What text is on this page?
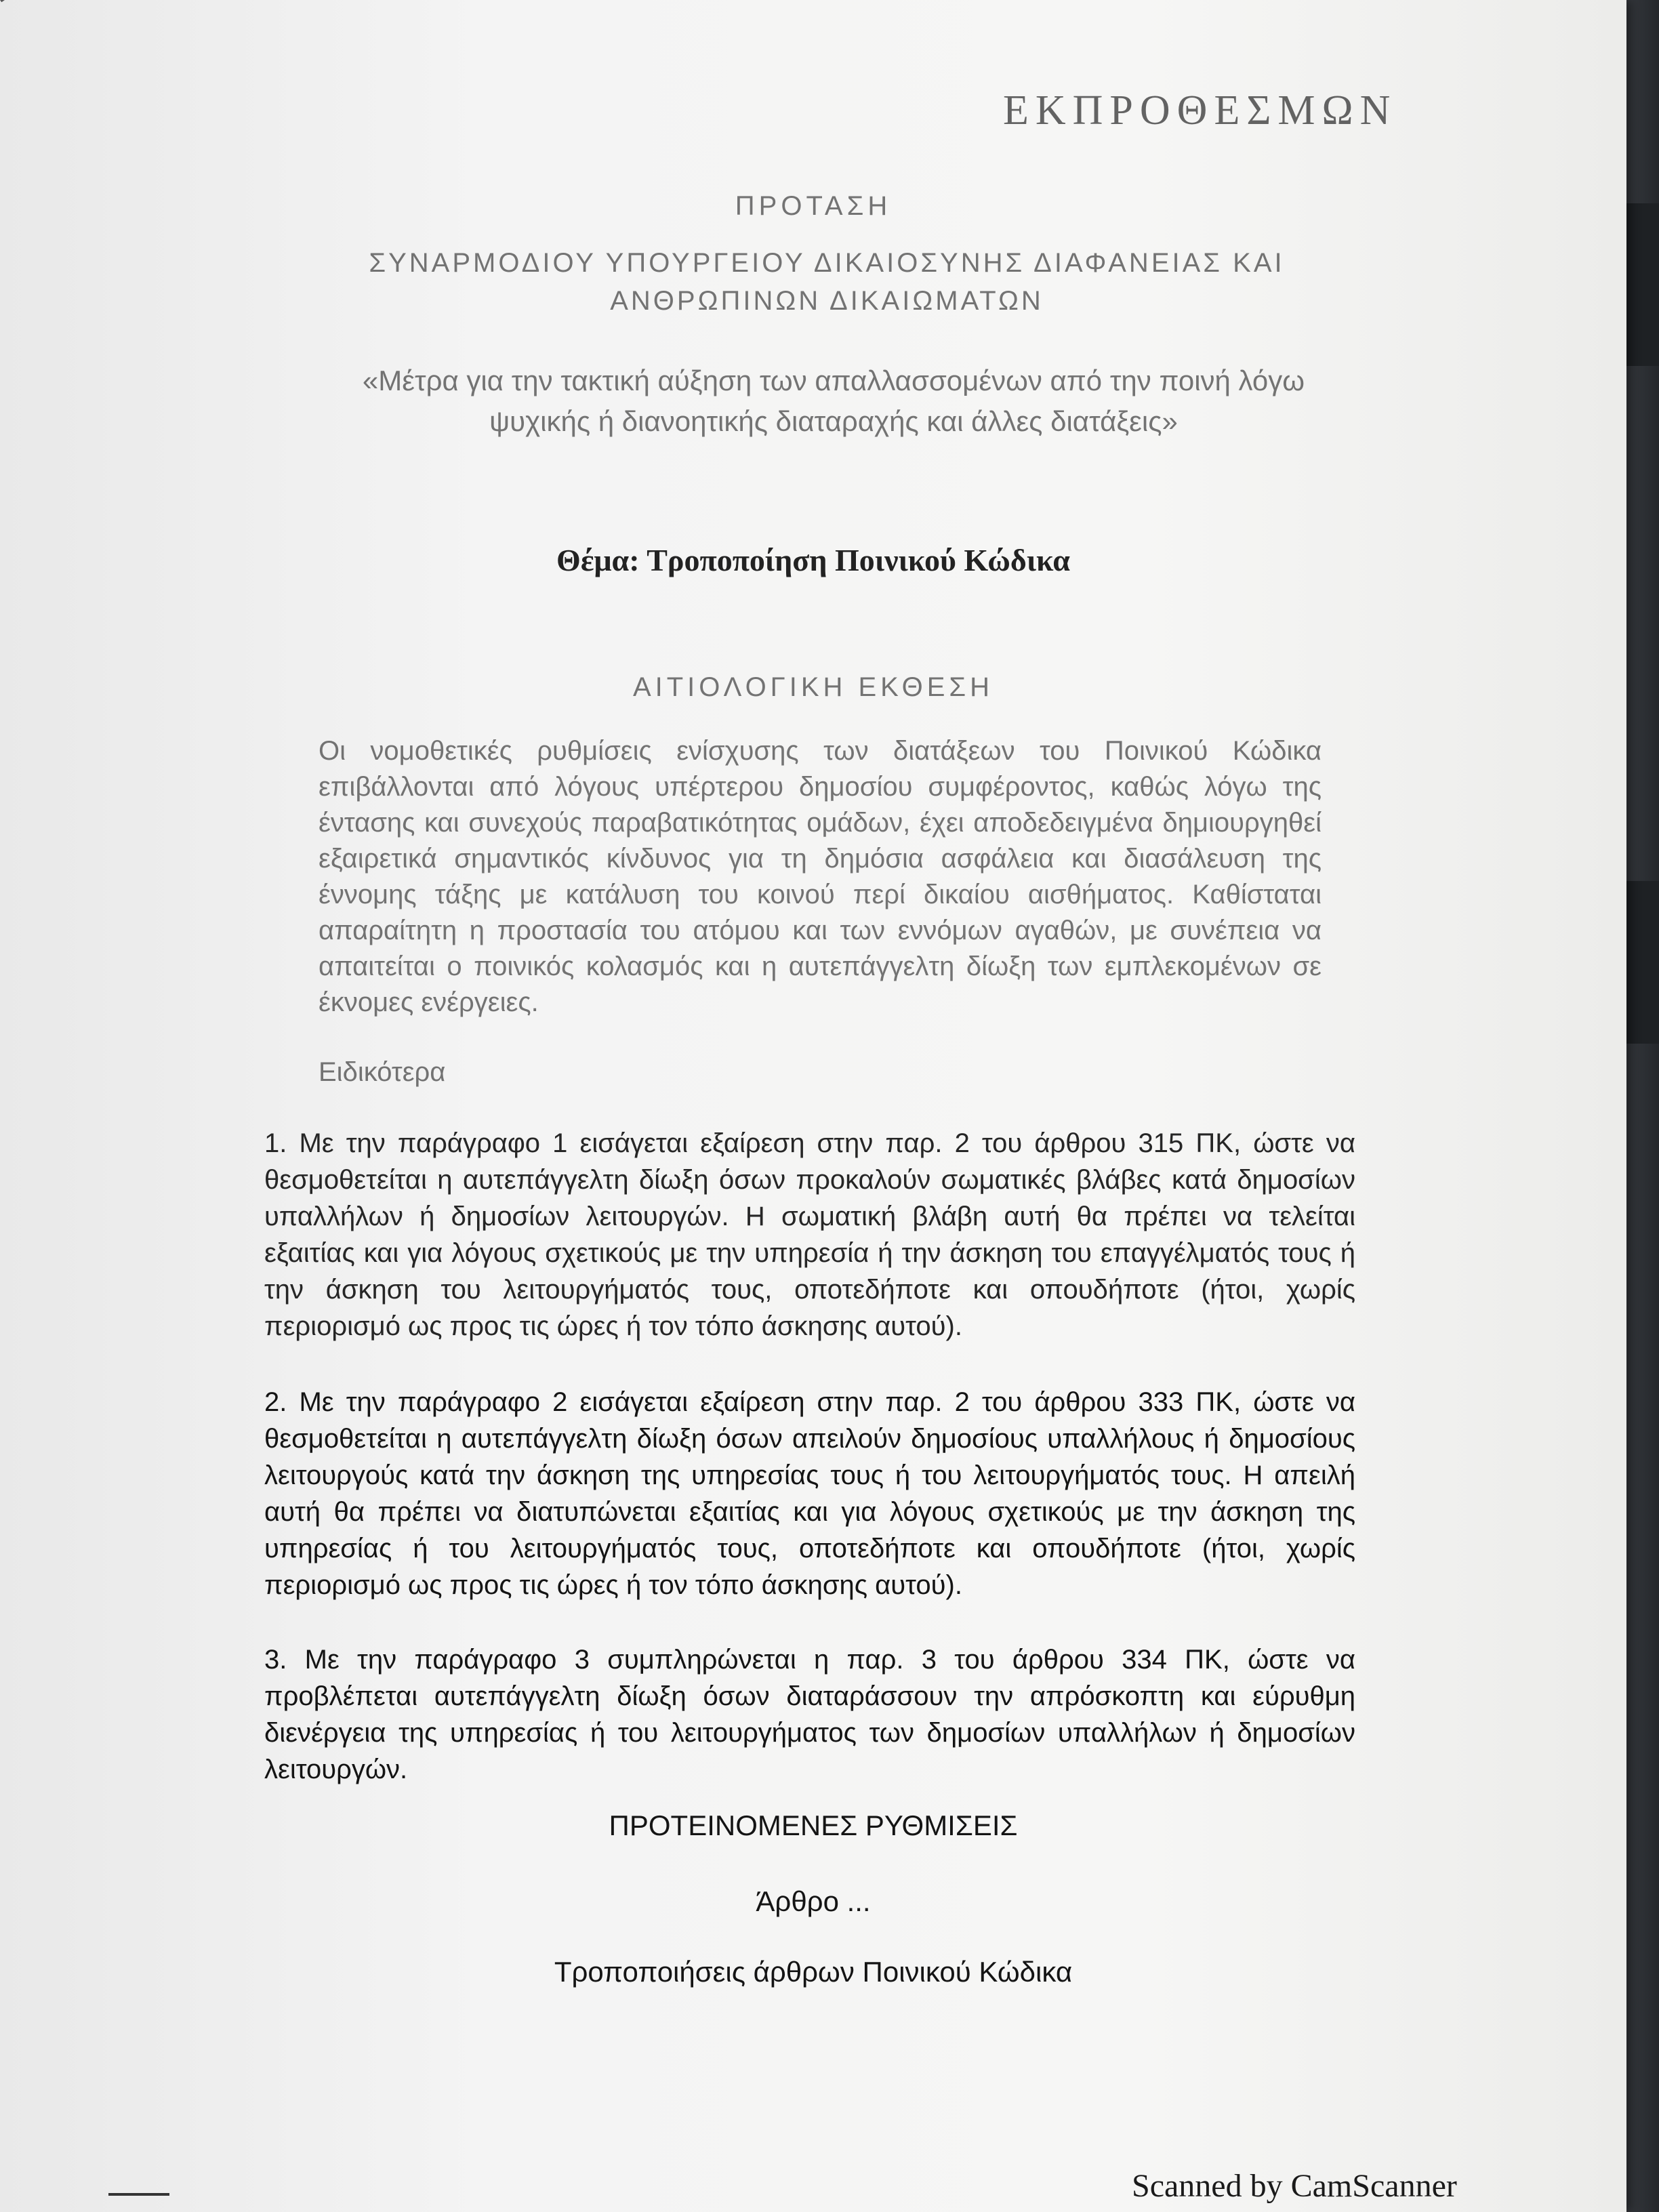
ΕΚΠΡΟΘΕΣΜΩΝ
ΠΡΟΤΑΣΗ
ΣΥΝΑΡΜΟΔΙΟΥ ΥΠΟΥΡΓΕΙΟΥ ΔΙΚΑΙΟΣΥΝΗΣ ΔΙΑΦΑΝΕΙΑΣ ΚΑΙ
ΑΝΘΡΩΠΙΝΩΝ ΔΙΚΑΙΩΜΑΤΩΝ
«Μέτρα για την τακτική αύξηση των απαλλασσομένων από την ποινή λόγω
ψυχικής ή διανοητικής διαταραχής και άλλες διατάξεις»
Θέμα: Τροποποίηση Ποινικού Κώδικα
ΑΙΤΙΟΛΟΓΙΚΗ ΕΚΘΕΣΗ
Οι νομοθετικές ρυθμίσεις ενίσχυσης των διατάξεων του Ποινικού Κώδικα επιβάλλονται από λόγους υπέρτερου δημοσίου συμφέροντος, καθώς λόγω της έντασης και συνεχούς παραβατικότητας ομάδων, έχει αποδεδειγμένα δημιουργηθεί εξαιρετικά σημαντικός κίνδυνος για τη δημόσια ασφάλεια και διασάλευση της έννομης τάξης με κατάλυση του κοινού περί δικαίου αισθήματος. Καθίσταται απαραίτητη η προστασία του ατόμου και των εννόμων αγαθών, με συνέπεια να απαιτείται ο ποινικός κολασμός και η αυτεπάγγελτη δίωξη των εμπλεκομένων σε έκνομες ενέργειες.
Ειδικότερα
1. Με την παράγραφο 1 εισάγεται εξαίρεση στην παρ. 2 του άρθρου 315 ΠΚ, ώστε να θεσμοθετείται η αυτεπάγγελτη δίωξη όσων προκαλούν σωματικές βλάβες κατά δημοσίων υπαλλήλων ή δημοσίων λειτουργών. Η σωματική βλάβη αυτή θα πρέπει να τελείται εξαιτίας και για λόγους σχετικούς με την υπηρεσία ή την άσκηση του επαγγέλματός τους ή την άσκηση του λειτουργήματός τους, οποτεδήποτε και οπουδήποτε (ήτοι, χωρίς περιορισμό ως προς τις ώρες ή τον τόπο άσκησης αυτού).
2. Με την παράγραφο 2 εισάγεται εξαίρεση στην παρ. 2 του άρθρου 333 ΠΚ, ώστε να θεσμοθετείται η αυτεπάγγελτη δίωξη όσων απειλούν δημοσίους υπαλλήλους ή δημοσίους λειτουργούς κατά την άσκηση της υπηρεσίας τους ή του λειτουργήματός τους. Η απειλή αυτή θα πρέπει να διατυπώνεται εξαιτίας και για λόγους σχετικούς με την άσκηση της υπηρεσίας ή του λειτουργήματός τους, οποτεδήποτε και οπουδήποτε (ήτοι, χωρίς περιορισμό ως προς τις ώρες ή τον τόπο άσκησης αυτού).
3. Με την παράγραφο 3 συμπληρώνεται η παρ. 3 του άρθρου 334 ΠΚ, ώστε να προβλέπεται αυτεπάγγελτη δίωξη όσων διαταράσσουν την απρόσκοπτη και εύρυθμη διενέργεια της υπηρεσίας ή του λειτουργήματος των δημοσίων υπαλλήλων ή δημοσίων λειτουργών.
ΠΡΟΤΕΙΝΟΜΕΝΕΣ ΡΥΘΜΙΣΕΙΣ
Άρθρο ...
Τροποποιήσεις άρθρων Ποινικού Κώδικα
Scanned by CamScanner
